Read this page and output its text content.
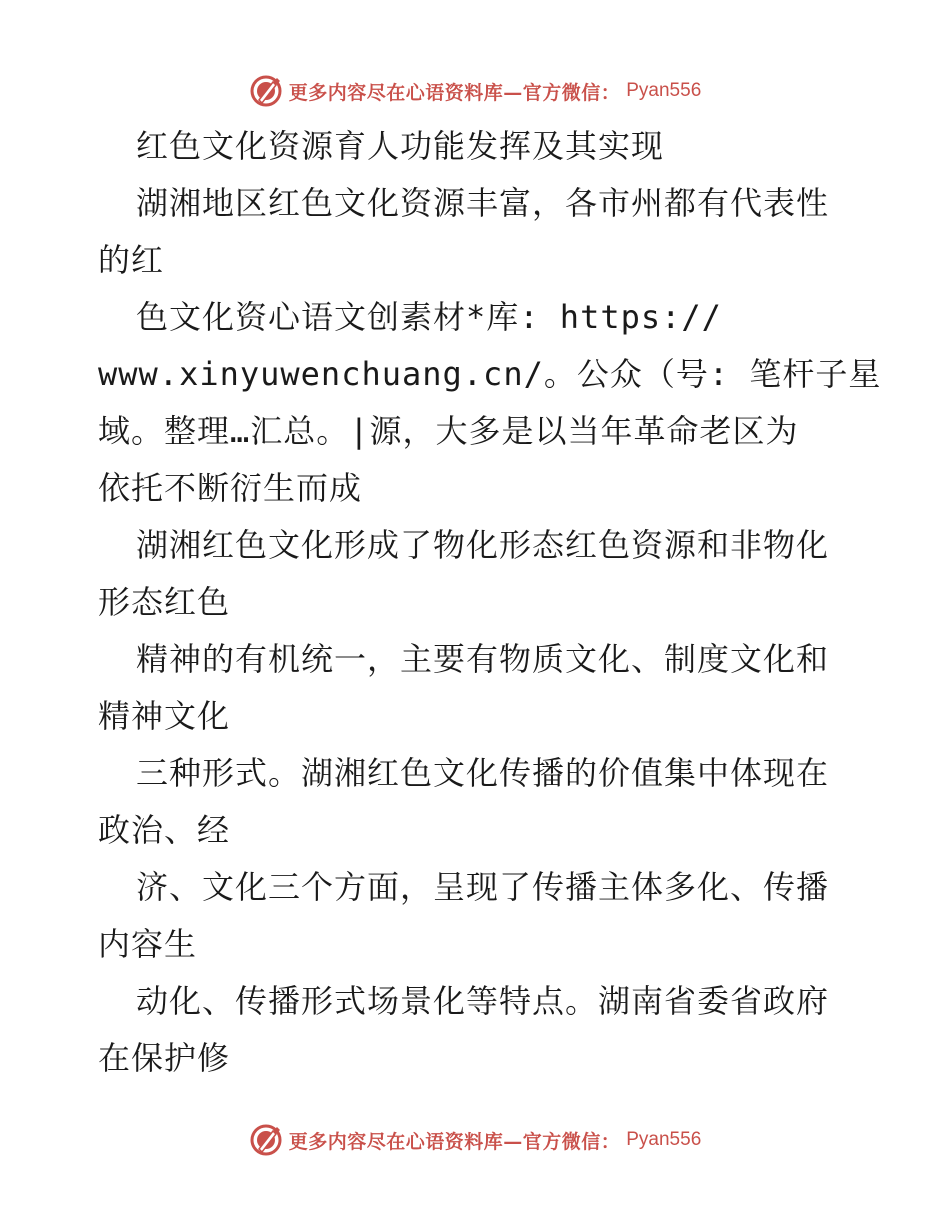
更多内容尽在心语资料库—官方微信： Pyan556
红色文化资源育人功能发挥及其实现
湖湘地区红色文化资源丰富，各市州都有代表性
的红
色文化资心语文创素材*库: https://
www.xinyuwenchuang.cn/。公众（号: 笔杆子星
域。整理…汇总。|源，大多是以当年革命老区为
依托不断衍生而成
湖湘红色文化形成了物化形态红色资源和非物化
形态红色
精神的有机统一，主要有物质文化、制度文化和
精神文化
三种形式。湖湘红色文化传播的价值集中体现在
政治、经
济、文化三个方面，呈现了传播主体多化、传播
内容生
动化、传播形式场景化等特点。湖南省委省政府
在保护修
更多内容尽在心语资料库—官方微信： Pyan556
